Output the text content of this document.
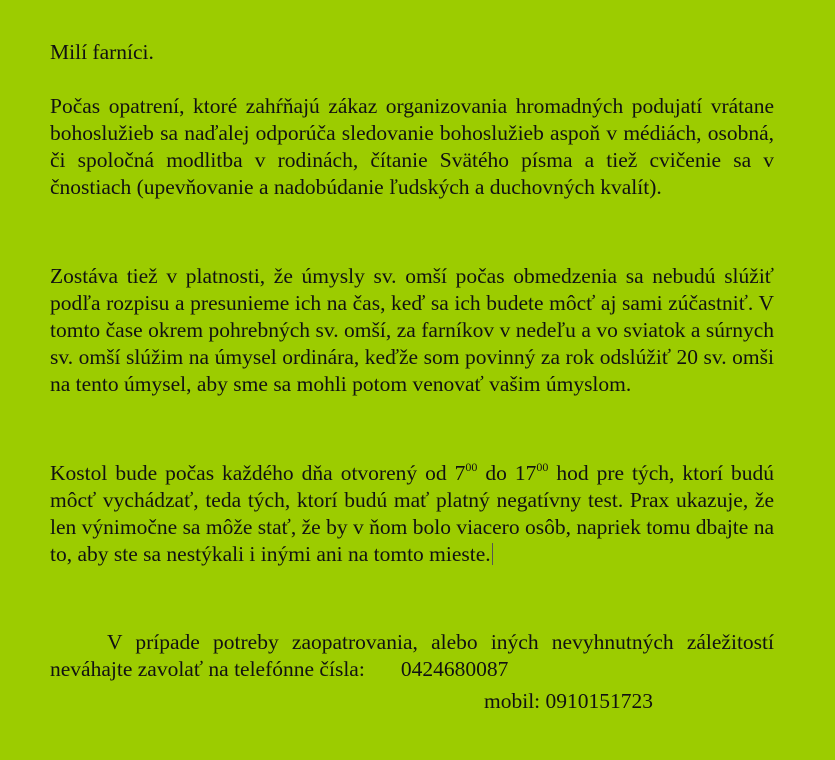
Milí farníci.

Počas opatrení, ktoré zahŕňajú zákaz organizovania hromadných podujatí vrátane bohoslužieb sa naďalej odporúča sledovanie bohoslužieb aspoň v médiách, osobná, či spoločná modlitba v rodinách, čítanie Svätého písma a tiež cvičenie sa v čnostiach (upevňovanie a nadobúdanie ľudských a duchovných kvalít).

Zostáva tiež v platnosti, že úmysly sv. omší počas obmedzenia sa nebudú slúžiť podľa rozpisu a presunieme ich na čas, keď sa ich budete môcť aj sami zúčastniť. V tomto čase okrem pohrebných sv. omší, za farníkov v nedeľu a vo sviatok a súrnych sv. omší slúžim na úmysel ordinára, keďže som povinný za rok odslúžiť 20 sv. omši na tento úmysel, aby sme sa mohli potom venovať vašim úmyslom.

Kostol bude počas každého dňa otvorený od $7^{00}$ do $17^{00}$ hod pre tých, ktorí budú môcť vychádzať, teda tých, ktorí budú mať platný negatívny test. Prax ukazuje, že len výnimočne sa môže stať, že by v ňom bolo viacero osôb, napriek tomu dbajte na to, aby ste sa nestýkali i inými ani na tomto mieste.

V prípade potreby zaopatrovania, alebo iných nevyhnutných záležitostí neváhajte zavolať na telefónne čísla: 0424680087

mobil: 0910151723
